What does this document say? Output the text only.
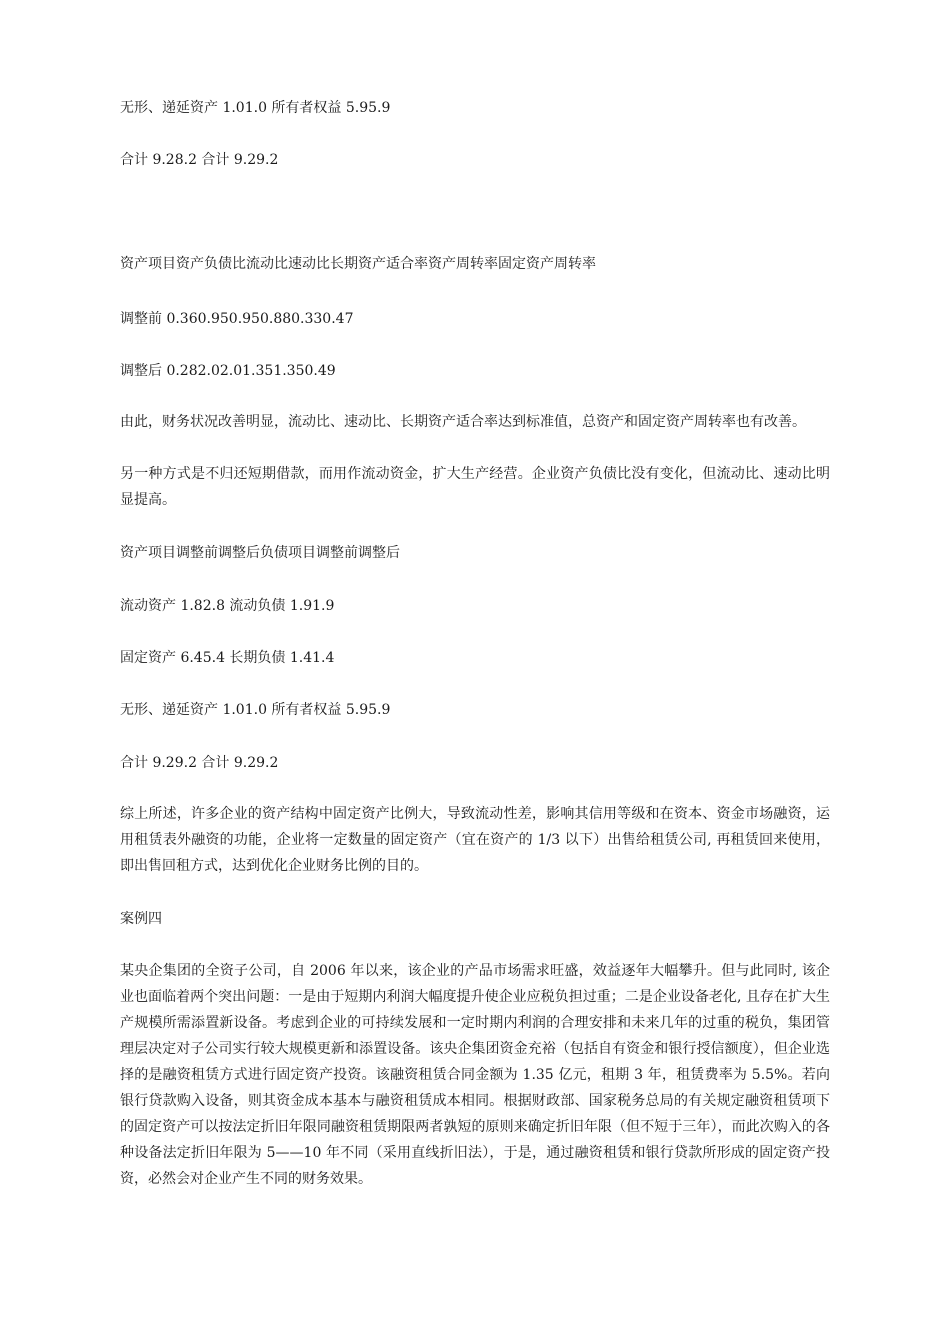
无形、递延资产 1.01.0 所有者权益 5.95.9

合计 9.28.2 合计 9.29.2

资产项目资产负债比流动比速动比长期资产适合率资产周转率固定资产周转率

调整前 0.360.950.950.880.330.47

调整后 0.282.02.01.351.350.49

由此，财务状况改善明显，流动比、速动比、长期资产适合率达到标准值，总资产和固定资产周转率也有改善。

另一种方式是不归还短期借款，而用作流动资金，扩大生产经营。企业资产负债比没有变化，但流动比、速动比明显提高。

资产项目调整前调整后负债项目调整前调整后

流动资产 1.82.8 流动负债 1.91.9

固定资产 6.45.4 长期负债 1.41.4

无形、递延资产 1.01.0 所有者权益 5.95.9

合计 9.29.2 合计 9.29.2

综上所述，许多企业的资产结构中固定资产比例大，导致流动性差，影响其信用等级和在资本、资金市场融资，运用租赁表外融资的功能，企业将一定数量的固定资产（宜在资产的 1/3 以下）出售给租赁公司, 再租赁回来使用，即出售回租方式，达到优化企业财务比例的目的。

案例四

某央企集团的全资子公司，自 2006 年以来，该企业的产品市场需求旺盛，效益逐年大幅攀升。但与此同时, 该企业也面临着两个突出问题：一是由于短期内利润大幅度提升使企业应税负担过重；二是企业设备老化, 且存在扩大生产规模所需添置新设备。考虑到企业的可持续发展和一定时期内利润的合理安排和未来几年的过重的税负，集团管理层决定对子公司实行较大规模更新和添置设备。该央企集团资金充裕（包括自有资金和银行授信额度），但企业选择的是融资租赁方式进行固定资产投资。该融资租赁合同金额为 1.35 亿元，租期 3 年，租赁费率为 5.5%。若向银行贷款购入设备，则其资金成本基本与融资租赁成本相同。根据财政部、国家税务总局的有关规定融资租赁项下的固定资产可以按法定折旧年限同融资租赁期限两者孰短的原则来确定折旧年限（但不短于三年），而此次购入的各种设备法定折旧年限为 5——10 年不同（采用直线折旧法），于是，通过融资租赁和银行贷款所形成的固定资产投资，必然会对企业产生不同的财务效果。
